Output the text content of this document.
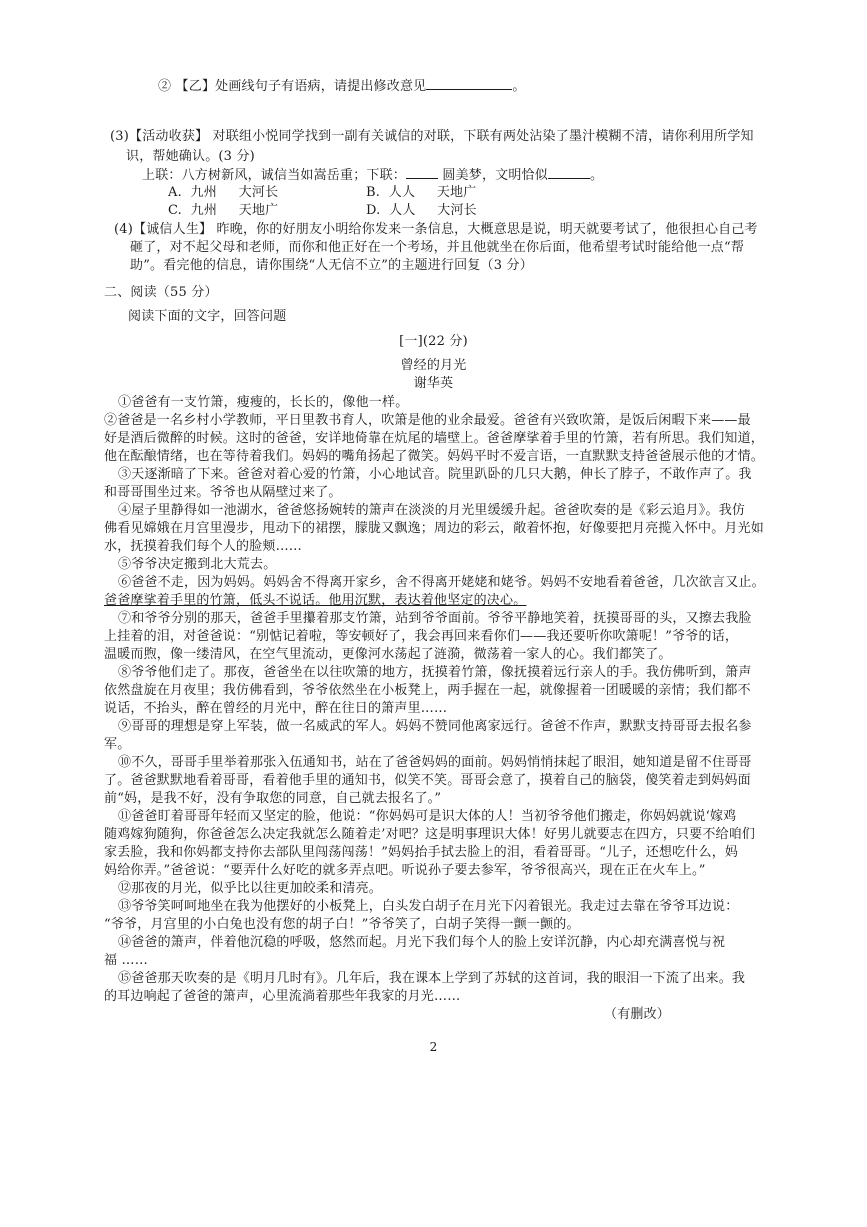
② 【乙】处画线句子有语病，请提出修改意见	。
(3)【活动收获】 对联组小悦同学找到一副有关诚信的对联，下联有两处沾染了墨汁模糊不清，请你利用所学知
识，帮她确认。(3 分)
上联：八方树新风，诚信当如嵩岳重；下联：	圆美梦，文明恰似	。
A. 九州 大河长	B. 人人 天地广
C. 九州 天地广	D. 人人 大河长
(4)【诚信人生】 昨晚，你的好朋友小明给你发来一条信息，大概意思是说，明天就要考试了，他很担心自己考
砸了，对不起父母和老师，而你和他正好在一个考场，并且他就坐在你后面，他希望考试时能给他一点“帮
助”。看完他的信息，请你围绕“人无信不立”的主题进行回复（3 分）
二、阅读（55 分）
阅读下面的文字，回答问题
[一](22 分)
曾经的月光
谢华英
①爸爸有一支竹箫，瘦瘦的，长长的，像他一样。
②爸爸是一名乡村小学教师，平日里教书育人，吹箫是他的业余最爱。爸爸有兴致吹箫，是饭后闲暇下来——最
好是酒后微醉的时候。这时的爸爸，安详地倚靠在炕尾的墙壁上。爸爸摩挲着手里的竹箫，若有所思。我们知道，
他在酝酿情绪，也在等待着我们。妈妈的嘴角扬起了微笑。妈妈平时不爱言语，一直默默支持爸爸展示他的才情。
③天逐渐暗了下来。爸爸对着心爱的竹箫，小心地试音。院里趴卧的几只大鹅，伸长了脖子，不敢作声了。我
和哥哥围坐过来。爷爷也从隔壁过来了。
④屋子里静得如一池湖水，爸爸悠扬婉转的箫声在淡淡的月光里缓缓升起。爸爸吹奏的是《彩云追月》。我仿
佛看见嫦娥在月宫里漫步，甩动下的裙摆，朦胧又飘逸；周边的彩云，敞着怀抱，好像要把月亮揽入怀中。月光如
水，抚摸着我们每个人的脸颊……
⑤爷爷决定搬到北大荒去。
⑥爸爸不走，因为妈妈。妈妈舍不得离开家乡，舍不得离开姥姥和姥爷。妈妈不安地看着爸爸，几次欲言又止。
爸爸摩挲着手里的竹箫，低头不说话。他用沉默，表达着他坚定的决心。
⑦和爷爷分别的那天，爸爸手里攥着那支竹箫，站到爷爷面前。爷爷平静地笑着，抚摸哥哥的头，又擦去我脸
上挂着的泪，对爸爸说：“别惦记着啦，等安顿好了，我会再回来看你们——我还要听你吹箫呢！”爷爷的话，
温暖而煦，像一缕清风，在空气里流动，更像河水荡起了涟漪，微荡着一家人的心。我们都笑了。
⑧爷爷他们走了。那夜，爸爸坐在以往吹箫的地方，抚摸着竹箫，像抚摸着远行亲人的手。我仿佛听到，箫声
依然盘旋在月夜里；我仿佛看到，爷爷依然坐在小板凳上，两手握在一起，就像握着一团暖暖的亲情；我们都不
说话，不抬头，醉在曾经的月光中，醉在往日的箫声里……
⑨哥哥的理想是穿上军装，做一名威武的军人。妈妈不赞同他离家远行。爸爸不作声，默默支持哥哥去报名参
军。
⑩不久，哥哥手里举着那张入伍通知书，站在了爸爸妈妈的面前。妈妈悄悄抹起了眼泪，她知道是留不住哥哥
了。爸爸默默地看着哥哥，看着他手里的通知书，似笑不笑。哥哥会意了，摸着自己的脑袋，傻笑着走到妈妈面
前“妈，是我不好，没有争取您的同意，自己就去报名了。”
⑪爸爸盯着哥哥年轻而又坚定的脸，他说：“你妈妈可是识大体的人！当初爷爷他们搬走，你妈妈就说‘嫁鸡
随鸡嫁狗随狗，你爸爸怎么决定我就怎么随着走’对吧？这是明事理识大体！好男儿就要志在四方，只要不给咱们
家丢脸，我和你妈都支持你去部队里闯荡闯荡！”妈妈抬手拭去脸上的泪，看着哥哥。“儿子，还想吃什么，妈
妈给你弄。”爸爸说：“要弄什么好吃的就多弄点吧。听说孙子要去参军，爷爷很高兴，现在正在火车上。”
⑫那夜的月光，似乎比以往更加皎柔和清亮。
⑬爷爷笑呵呵地坐在我为他摆好的小板凳上，白头发白胡子在月光下闪着银光。我走过去靠在爷爷耳边说：
“爷爷，月宫里的小白兔也没有您的胡子白！”爷爷笑了，白胡子笑得一颤一颤的。
⑭爸爸的箫声，伴着他沉稳的呼吸，悠然而起。月光下我们每个人的脸上安详沉静，内心却充满喜悦与祝
福 ……
⑮爸爸那天吹奏的是《明月几时有》。几年后，我在课本上学到了苏轼的这首词，我的眼泪一下流了出来。我
的耳边响起了爸爸的箫声，心里流淌着那些年我家的月光……
（有删改）
2
